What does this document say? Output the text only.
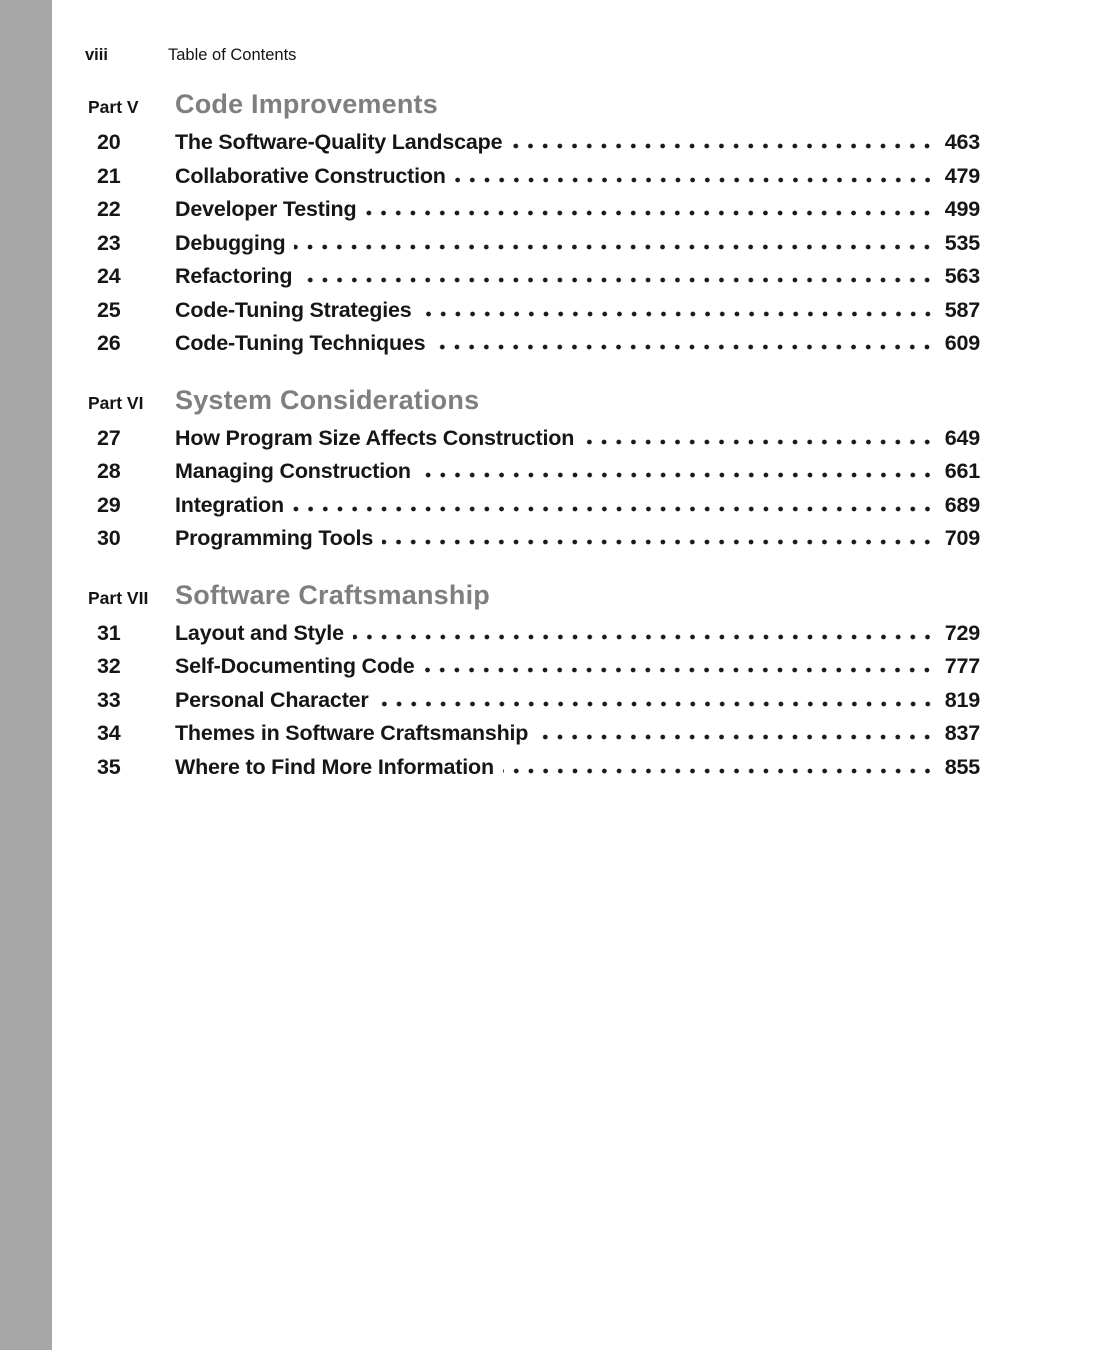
viii	Table of Contents
Part V	Code Improvements
20	The Software-Quality Landscape	463
21	Collaborative Construction	479
22	Developer Testing	499
23	Debugging	535
24	Refactoring	563
25	Code-Tuning Strategies	587
26	Code-Tuning Techniques	609
Part VI	System Considerations
27	How Program Size Affects Construction	649
28	Managing Construction	661
29	Integration	689
30	Programming Tools	709
Part VII Software Craftsmanship
31	Layout and Style	729
32	Self-Documenting Code	777
33	Personal Character	819
34	Themes in Software Craftsmanship	837
35	Where to Find More Information	855
